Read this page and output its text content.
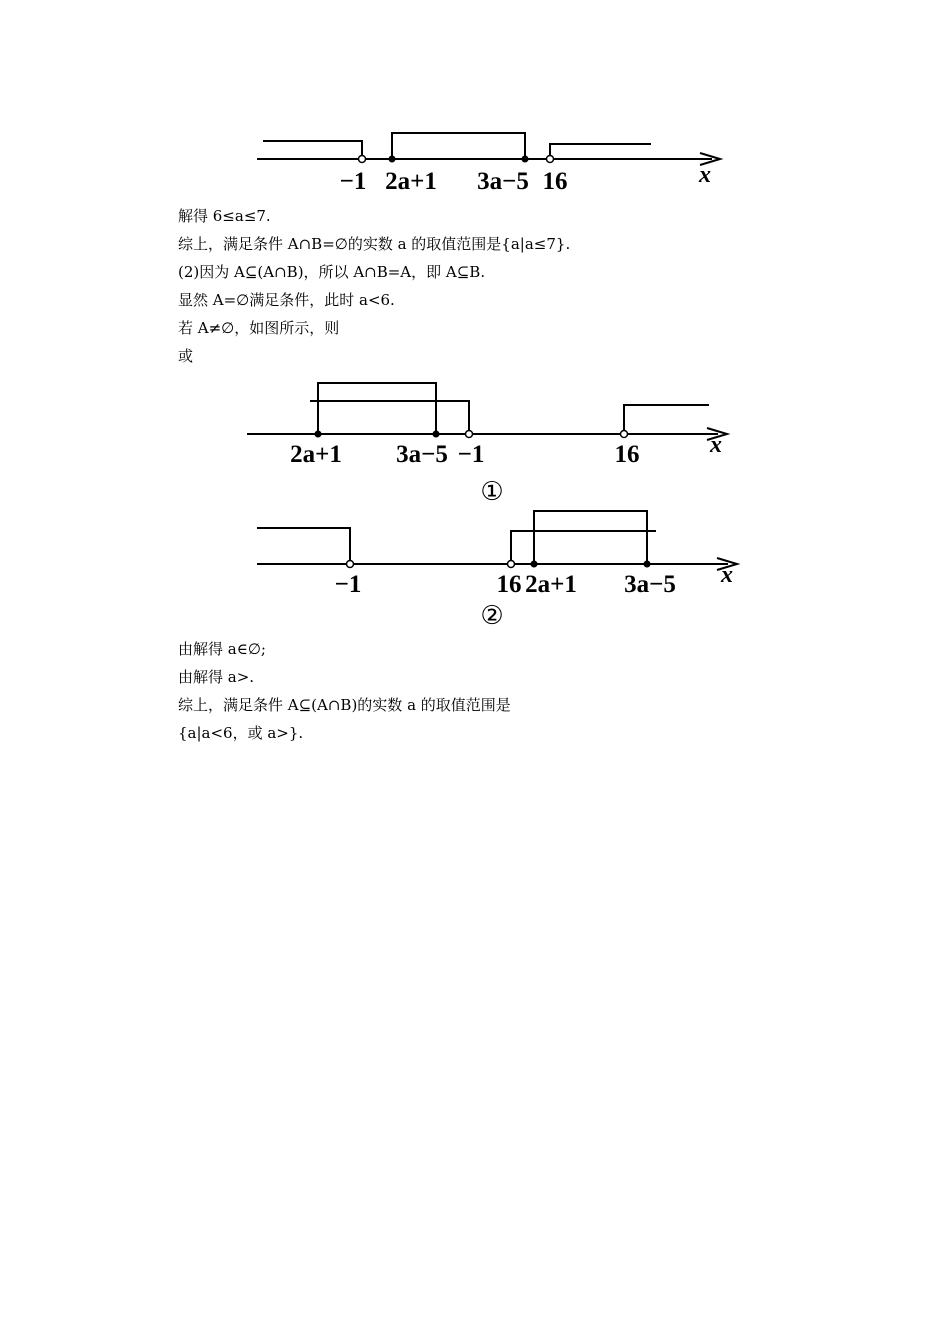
−1 2a+1 3a−5 16	x
解得 6≤a≤7.
综上，满足条件 A∩B=∅的实数 a 的取值范围是{a|a≤7}.
(2)因为 A⊆(A∩B)，所以 A∩B=A，即 A⊆B.
显然 A=∅满足条件，此时 a<6.
若 A≠∅，如图所示，则
或
2a+1 3a−5 −1	16	x
①
−1	16 2a+1 3a−5 x
②
由解得 a∈∅;
由解得 a>.
综上，满足条件 A⊆(A∩B)的实数 a 的取值范围是
{a|a<6，或 a>}.
